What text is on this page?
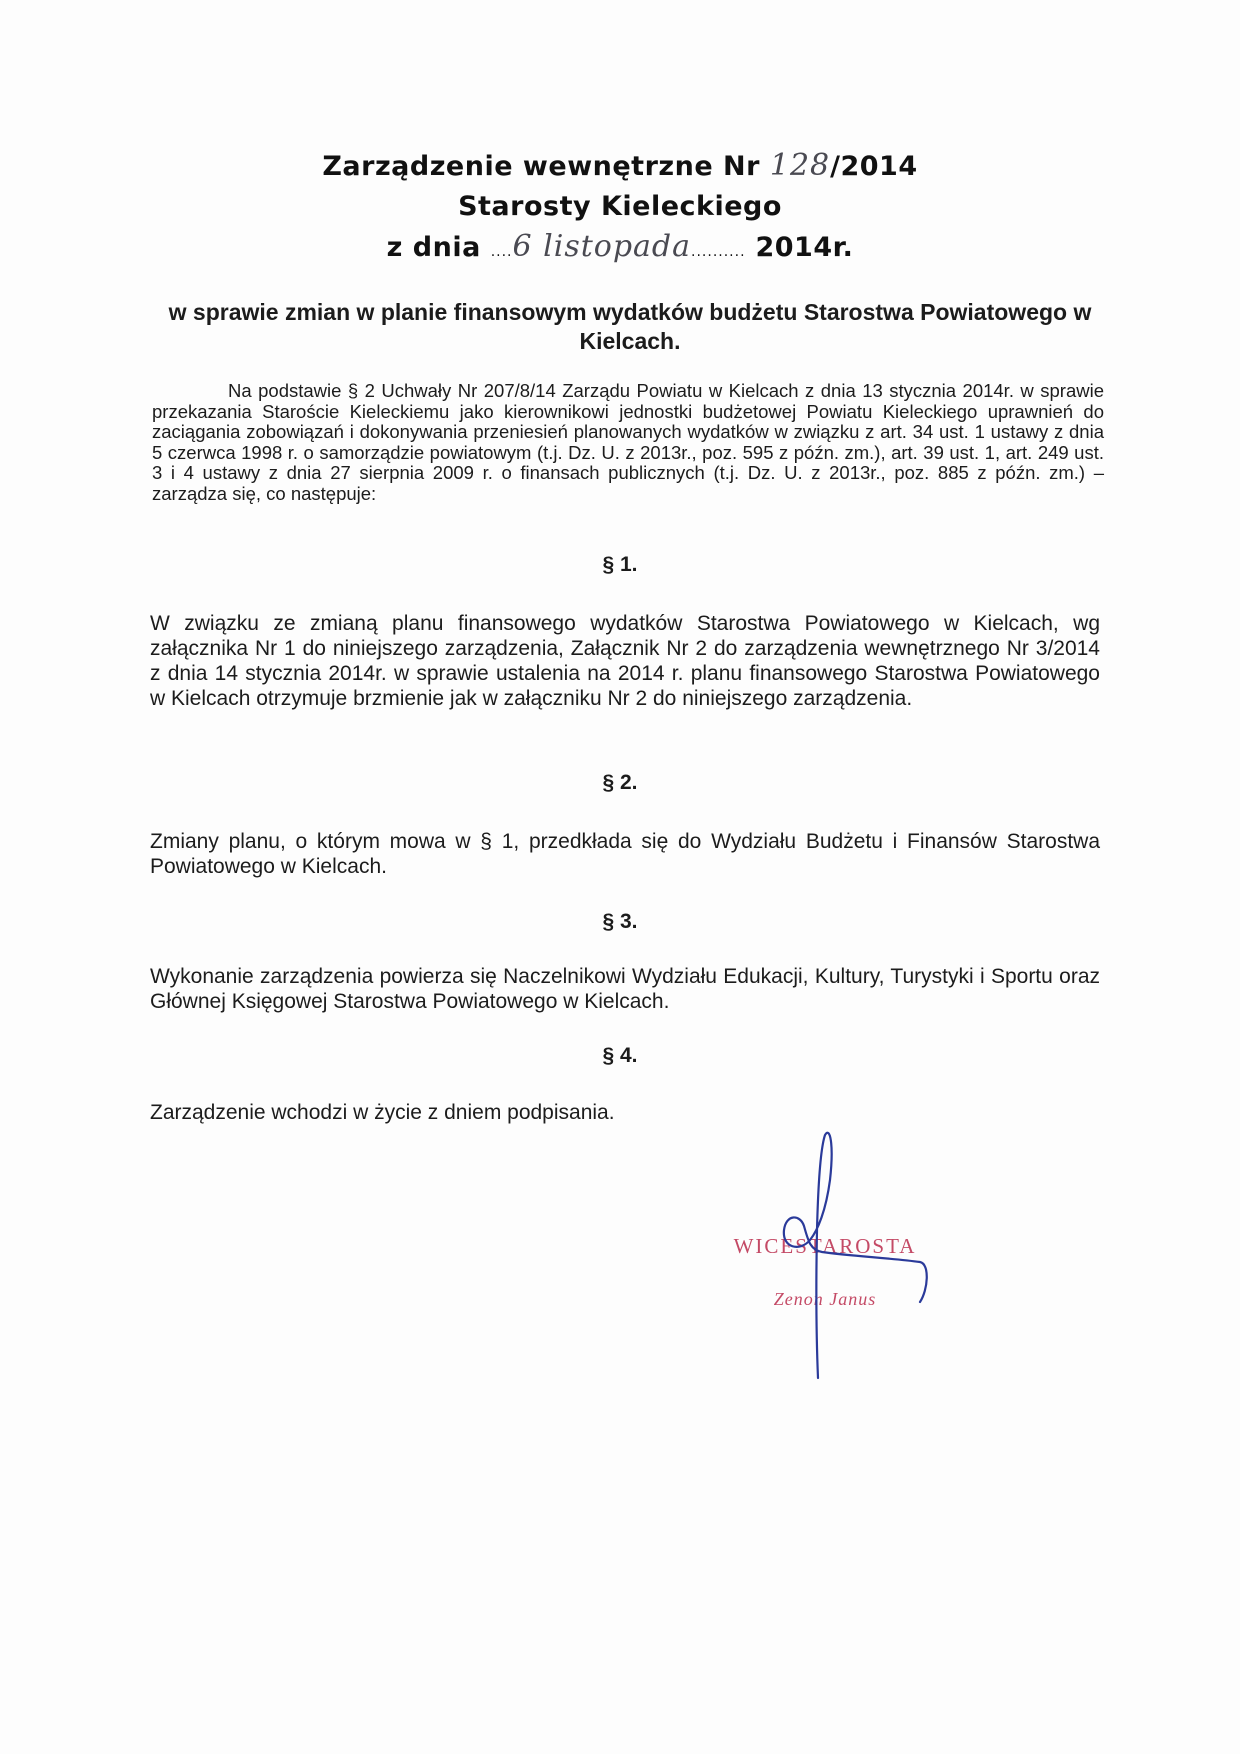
Zarządzenie wewnętrzne Nr 128/2014
Starosty Kieleckiego
z dnia ....6 listopada.......... 2014r.
w sprawie zmian w planie finansowym wydatków budżetu Starostwa Powiatowego w Kielcach.
Na podstawie § 2 Uchwały Nr 207/8/14 Zarządu Powiatu w Kielcach z dnia 13 stycznia 2014r. w sprawie przekazania Staroście Kieleckiemu jako kierownikowi jednostki budżetowej Powiatu Kieleckiego uprawnień do zaciągania zobowiązań i dokonywania przeniesień planowanych wydatków w związku z art. 34 ust. 1 ustawy z dnia 5 czerwca 1998 r. o samorządzie powiatowym (t.j. Dz. U. z 2013r., poz. 595 z późn. zm.), art. 39 ust. 1, art. 249 ust. 3 i 4 ustawy z dnia 27 sierpnia 2009 r. o finansach publicznych (t.j. Dz. U. z 2013r., poz. 885 z późn. zm.) – zarządza się, co następuje:
§ 1.
W związku ze zmianą planu finansowego wydatków Starostwa Powiatowego w Kielcach, wg załącznika Nr 1 do niniejszego zarządzenia, Załącznik Nr 2 do zarządzenia wewnętrznego Nr 3/2014 z dnia 14 stycznia 2014r. w sprawie ustalenia na 2014 r. planu finansowego Starostwa Powiatowego w Kielcach otrzymuje brzmienie jak w załączniku Nr 2 do niniejszego zarządzenia.
§ 2.
Zmiany planu, o którym mowa w § 1, przedkłada się do Wydziału Budżetu i Finansów Starostwa Powiatowego w Kielcach.
§ 3.
Wykonanie zarządzenia powierza się Naczelnikowi Wydziału Edukacji, Kultury, Turystyki i Sportu oraz Głównej Księgowej Starostwa Powiatowego w Kielcach.
§ 4.
Zarządzenie wchodzi w życie z dniem podpisania.
WICESTAROSTA
Zenon Janus
